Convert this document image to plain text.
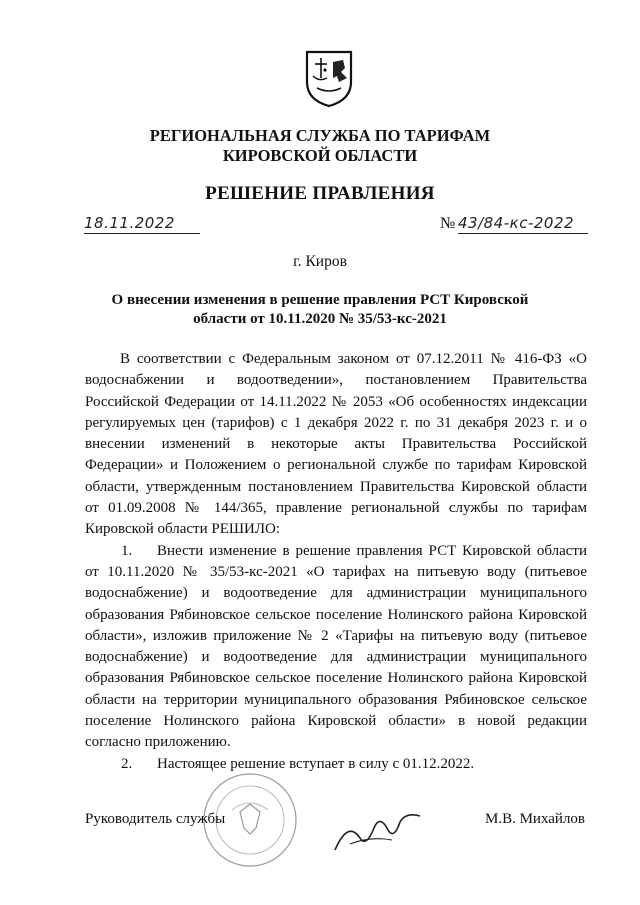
РЕГИОНАЛЬНАЯ СЛУЖБА ПО ТАРИФАМ
КИРОВСКОЙ ОБЛАСТИ
РЕШЕНИЕ ПРАВЛЕНИЯ
18.11.2022	№ 43/84-кс-2022
г. Киров
О внесении изменения в решение правления РСТ Кировской
области от 10.11.2020 № 35/53-кс-2021

В соответствии с Федеральным законом от 07.12.2011 № 416-ФЗ «О водоснабжении и водоотведении», постановлением Правительства Российской Федерации от 14.11.2022 № 2053 «Об особенностях индексации регулируемых цен (тарифов) с 1 декабря 2022 г. по 31 декабря 2023 г. и о внесении изменений в некоторые акты Правительства Российской Федерации» и Положением о региональной службе по тарифам Кировской области, утвержденным постановлением Правительства Кировской области от 01.09.2008 № 144/365, правление региональной службы по тарифам Кировской области РЕШИЛО:

1. Внести изменение в решение правления РСТ Кировской области от 10.11.2020 № 35/53-кс-2021 «О тарифах на питьевую воду (питьевое водоснабжение) и водоотведение для администрации муниципального образования Рябиновское сельское поселение Нолинского района Кировской области», изложив приложение № 2 «Тарифы на питьевую воду (питьевое водоснабжение) и водоотведение для администрации муниципального образования Рябиновское сельское поселение Нолинского района Кировской области на территории муниципального образования Рябиновское сельское поселение Нолинского района Кировской области» в новой редакции согласно приложению.

2. Настоящее решение вступает в силу с 01.12.2022.

Руководитель службы	М.В. Михайлов
